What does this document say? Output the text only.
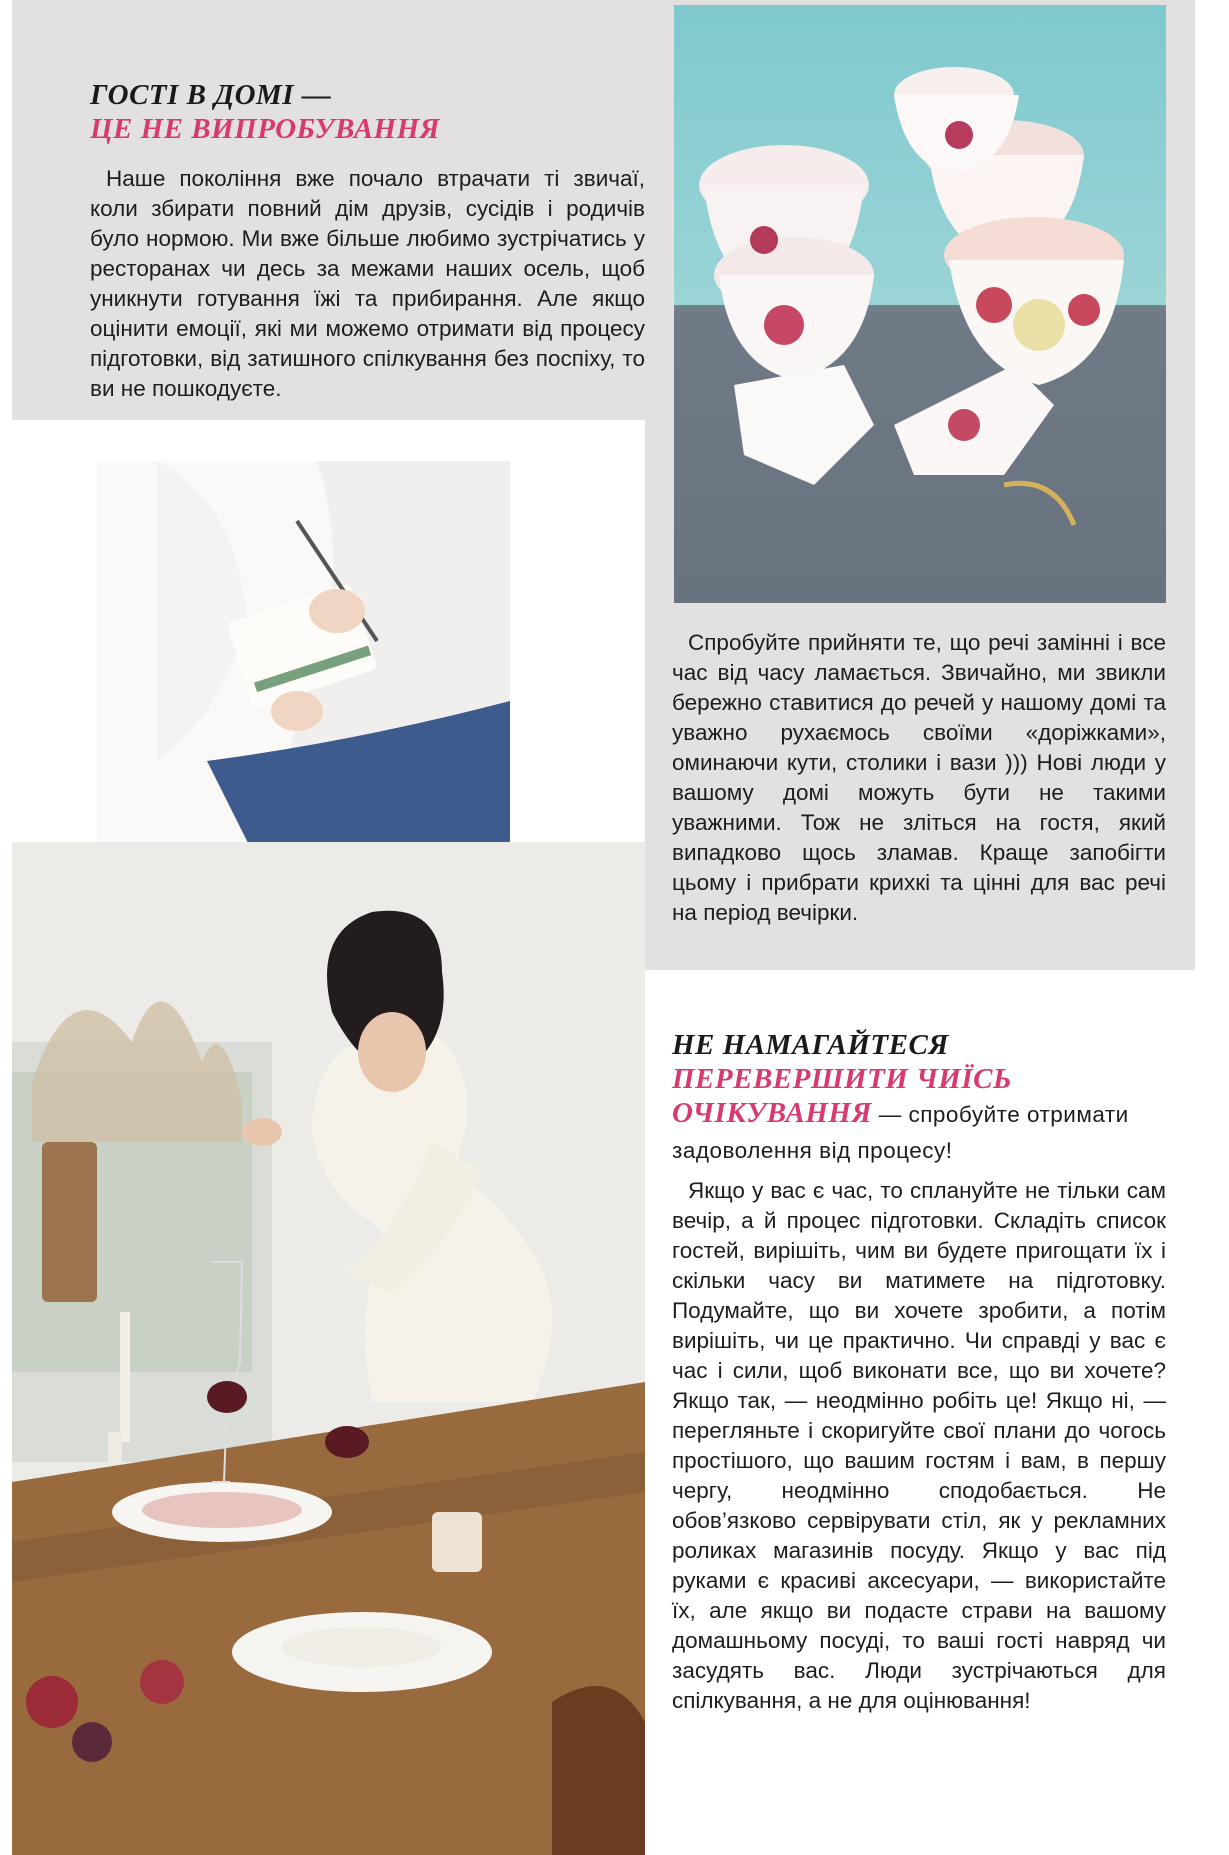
ГОСТІ В ДОМІ —
ЦЕ НЕ ВИПРОБУВАННЯ

Наше покоління вже почало втрачати ті звичаї, коли збирати повний дім друзів, сусідів і родичів було нормою. Ми вже більше любимо зустрічатись у ресторанах чи десь за межами наших осель, щоб уникнути готування їжі та прибирання. Але якщо оцінити емоції, які ми можемо отримати від процесу підготовки, від затишного спілкування без поспіху, то ви не пошкодуєте.

Спробуйте прийняти те, що речі замінні і все час від часу ламається. Звичайно, ми звикли бережно ставитися до речей у нашому домі та уважно рухаємось своїми «доріжками», оминаючи кути, столики і вази ))) Нові люди у вашому домі можуть бути не такими уважними. Тож не зліться на гостя, який випадково щось зламав. Краще запобігти цьому і прибрати крихкі та цінні для вас речі на період вечірки.

НЕ НАМАГАЙТЕСЯ
ПЕРЕВЕРШИТИ ЧИЇСЬ
ОЧІКУВАННЯ — спробуйте отримати задоволення від процесу!

Якщо у вас є час, то сплануйте не тільки сам вечір, а й процес підготовки. Складіть список гостей, вирішіть, чим ви будете пригощати їх і скільки часу ви матимете на підготовку. Подумайте, що ви хочете зробити, а потім вирішіть, чи це практично. Чи справді у вас є час і сили, щоб виконати все, що ви хочете? Якщо так, — неодмінно робіть це! Якщо ні, — перегляньте і скоригуйте свої плани до чогось простішого, що вашим гостям і вам, в першу чергу, неодмінно сподобається. Не обов’язково сервірувати стіл, як у рекламних роликах магазинів посуду. Якщо у вас під руками є красиві аксесуари, — використайте їх, але якщо ви подасте страви на вашому домашньому посуді, то ваші гості навряд чи засудять вас. Люди зустрічаються для спілкування, а не для оцінювання!
